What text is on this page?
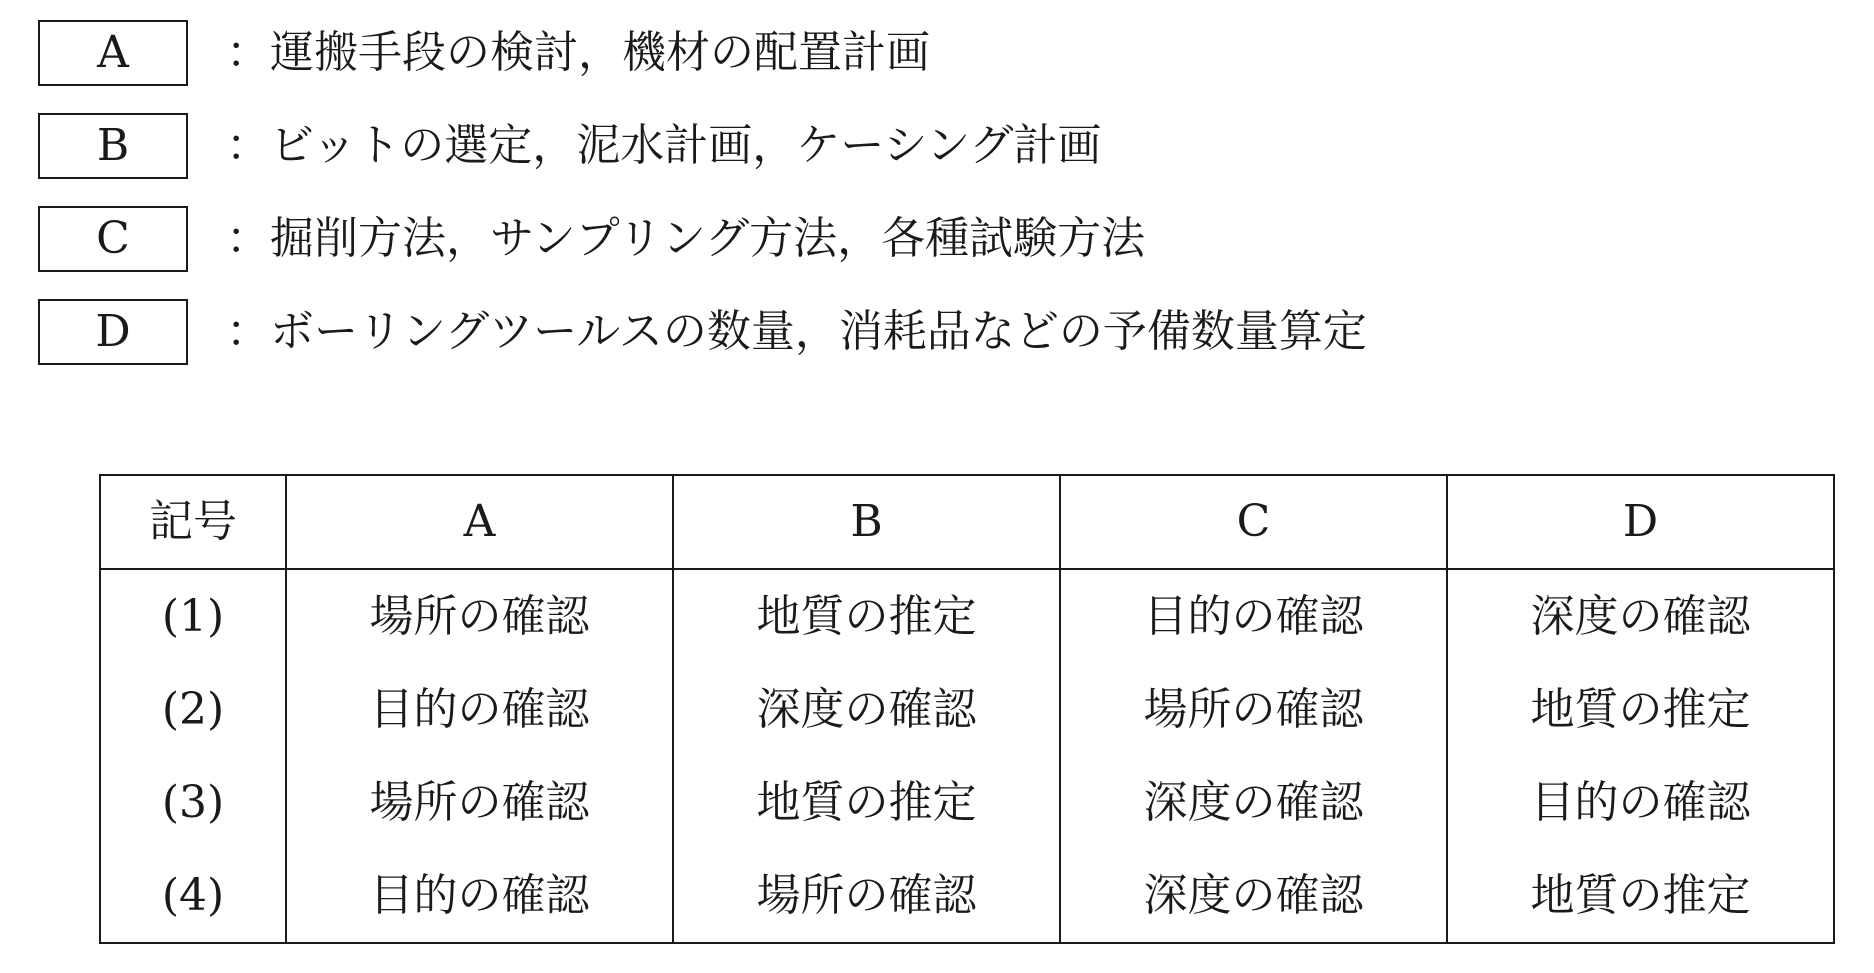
A	：運搬手段の検討，機材の配置計画
B	：ビットの選定，泥水計画，ケーシング計画
C	：掘削方法，サンプリング方法，各種試験方法
D	：ボーリングツールスの数量，消耗品などの予備数量算定
記号	A	B	C	D
(1)	場所の確認	地質の推定	目的の確認	深度の確認
(2)	目的の確認	深度の確認	場所の確認	地質の推定
(3)	場所の確認	地質の推定	深度の確認	目的の確認
(4)	目的の確認	場所の確認	深度の確認	地質の推定
